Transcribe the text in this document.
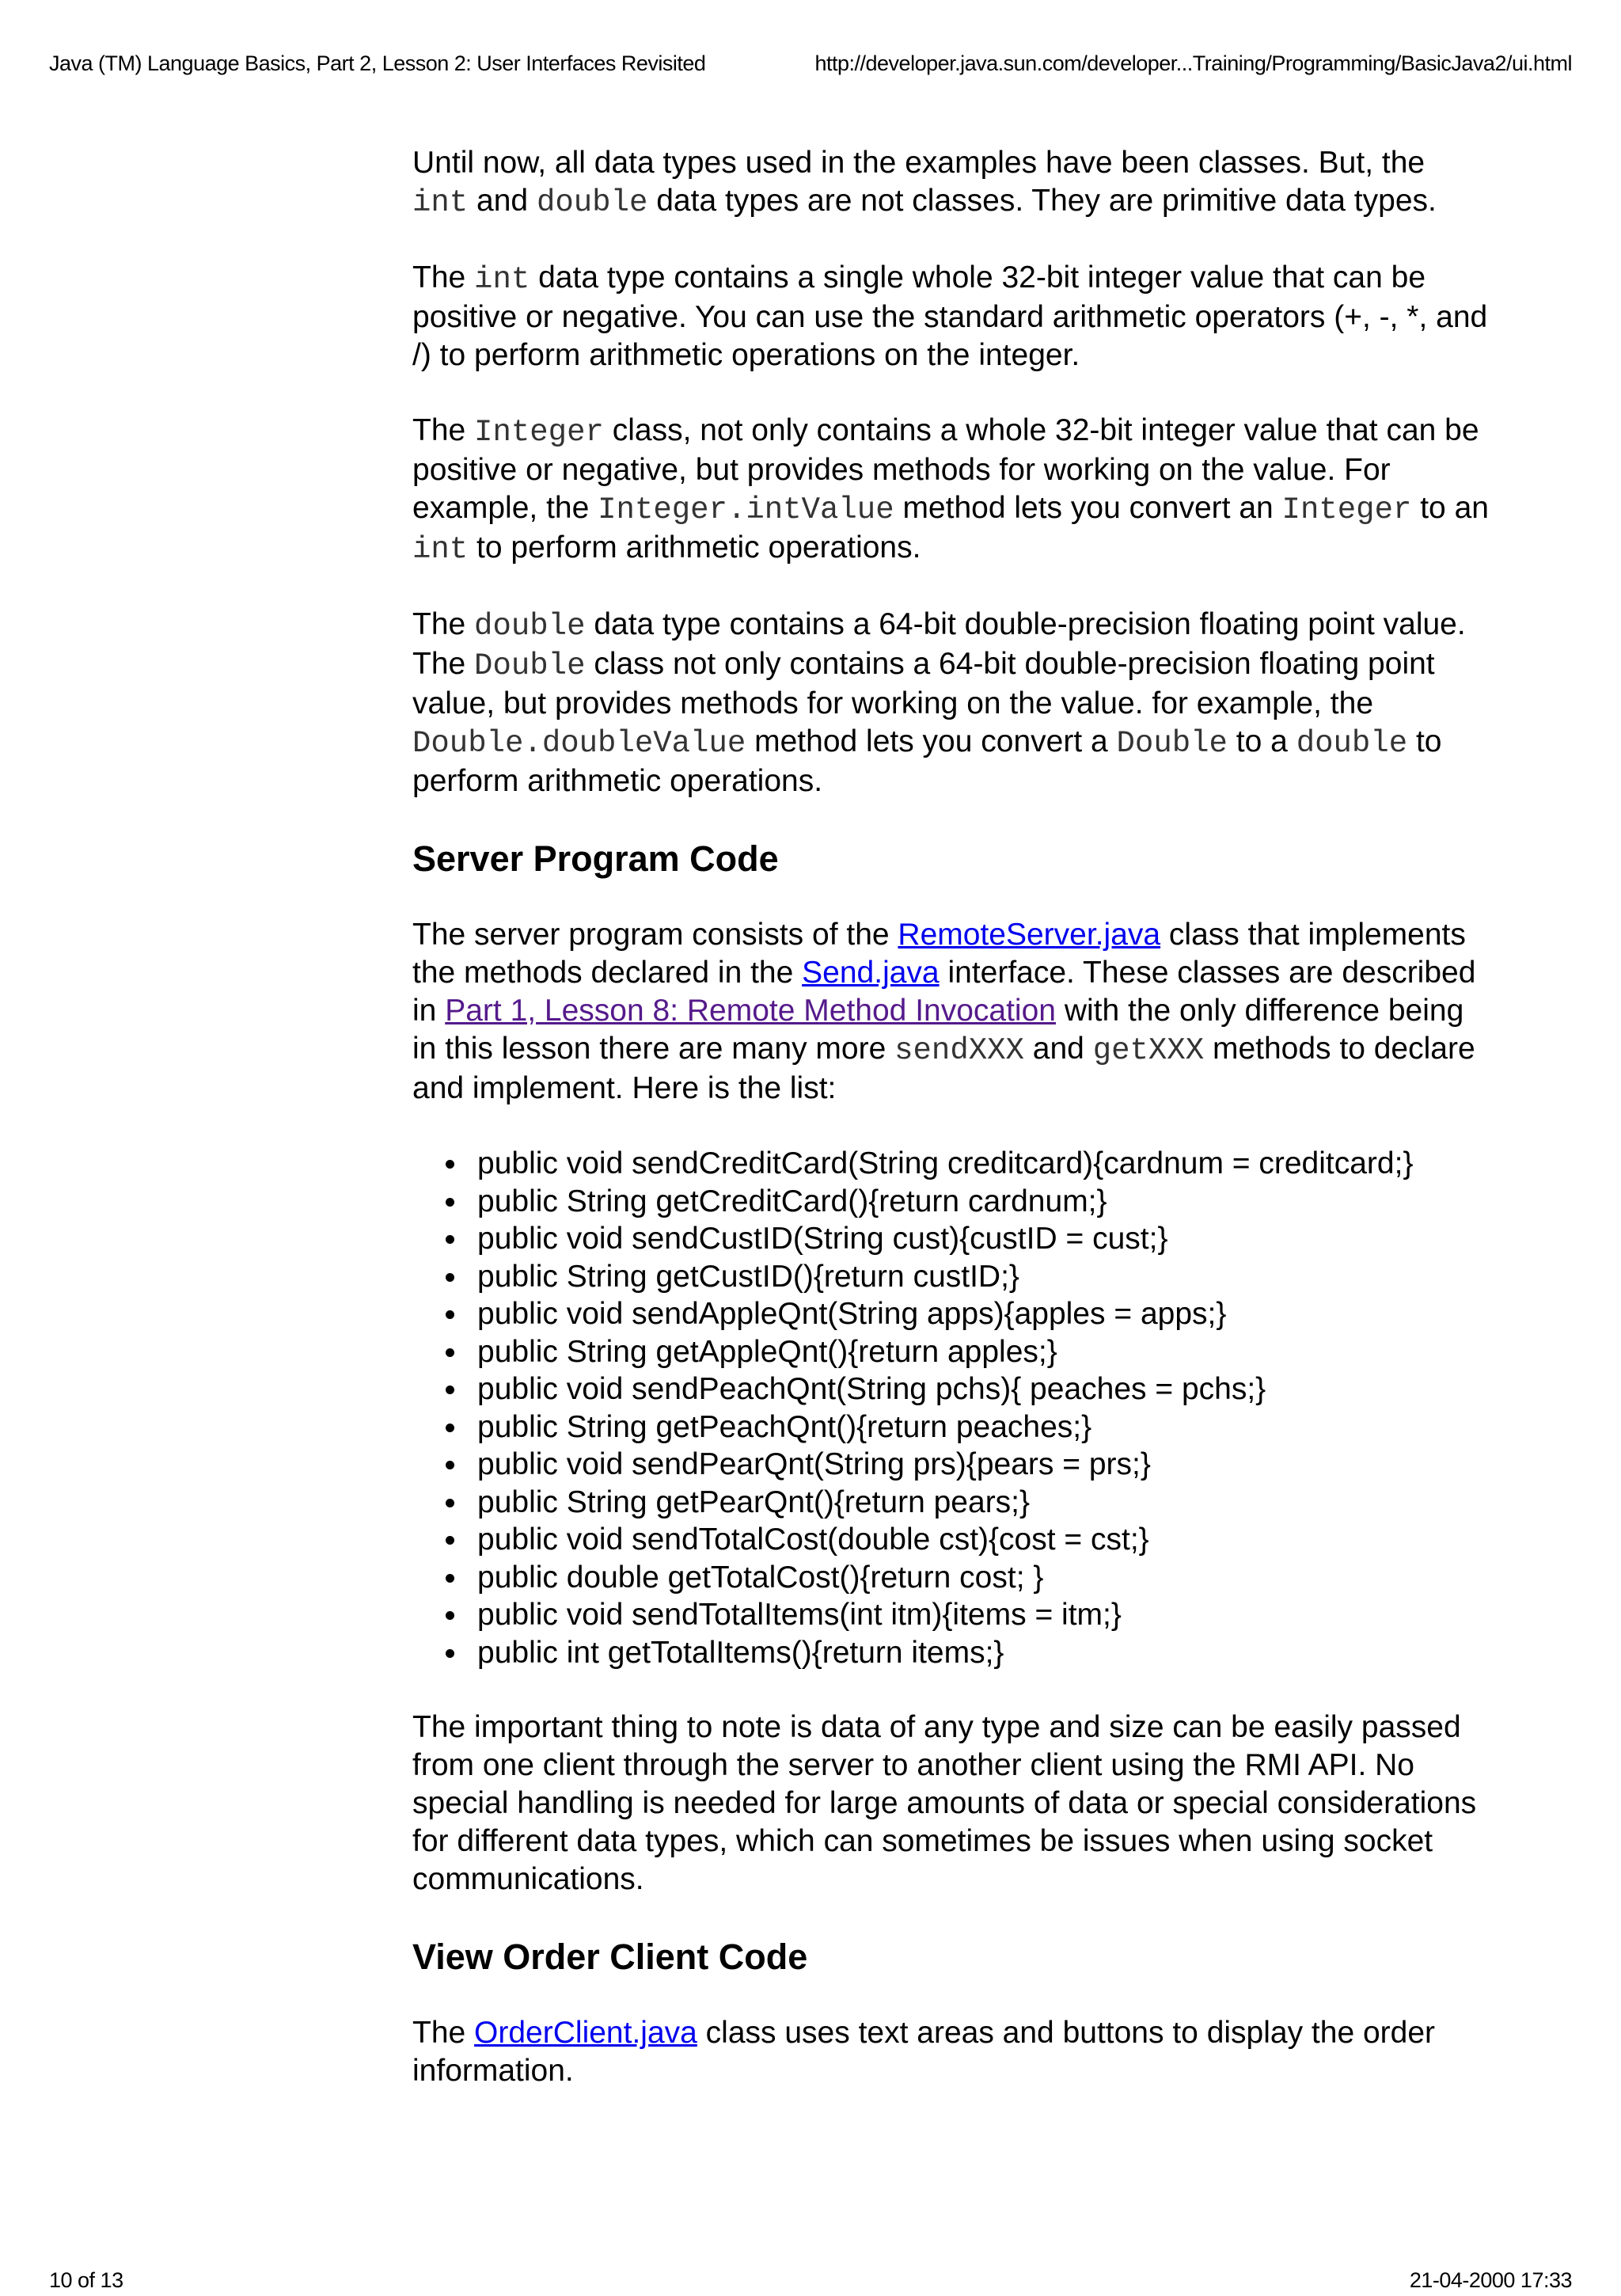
Java (TM) Language Basics, Part 2, Lesson 2: User Interfaces Revisited	http://developer.java.sun.com/developer...Training/Programming/BasicJava2/ui.html

Until now, all data types used in the examples have been classes. But, the int and double data types are not classes. They are primitive data types.

The int data type contains a single whole 32-bit integer value that can be positive or negative. You can use the standard arithmetic operators (+, -, *, and /) to perform arithmetic operations on the integer.

The Integer class, not only contains a whole 32-bit integer value that can be positive or negative, but provides methods for working on the value. For example, the Integer.intValue method lets you convert an Integer to an int to perform arithmetic operations.

The double data type contains a 64-bit double-precision floating point value. The Double class not only contains a 64-bit double-precision floating point value, but provides methods for working on the value. for example, the Double.doubleValue method lets you convert a Double to a double to perform arithmetic operations.

Server Program Code

The server program consists of the RemoteServer.java class that implements the methods declared in the Send.java interface. These classes are described in Part 1, Lesson 8: Remote Method Invocation with the only difference being in this lesson there are many more sendXXX and getXXX methods to declare and implement. Here is the list:

public void sendCreditCard(String creditcard){cardnum = creditcard;}
public String getCreditCard(){return cardnum;}
public void sendCustID(String cust){custID = cust;}
public String getCustID(){return custID;}
public void sendAppleQnt(String apps){apples = apps;}
public String getAppleQnt(){return apples;}
public void sendPeachQnt(String pchs){ peaches = pchs;}
public String getPeachQnt(){return peaches;}
public void sendPearQnt(String prs){pears = prs;}
public String getPearQnt(){return pears;}
public void sendTotalCost(double cst){cost = cst;}
public double getTotalCost(){return cost; }
public void sendTotalItems(int itm){items = itm;}
public int getTotalItems(){return items;}

The important thing to note is data of any type and size can be easily passed from one client through the server to another client using the RMI API. No special handling is needed for large amounts of data or special considerations for different data types, which can sometimes be issues when using socket communications.

View Order Client Code

The OrderClient.java class uses text areas and buttons to display the order information.

10 of 13	21-04-2000 17:33
